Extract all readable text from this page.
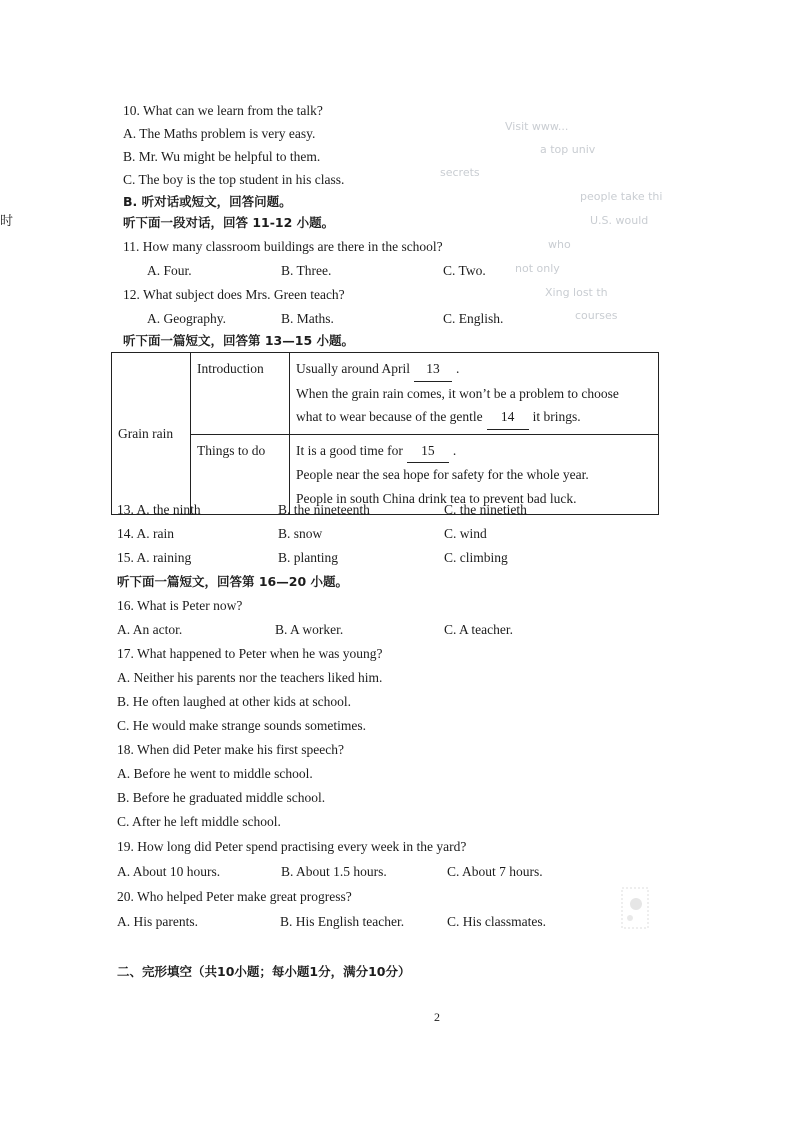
时
Visit www...
a top univ
secrets
people take thi
U.S. would
who
not only
Xing lost th
courses
10. What can we learn from the talk?
A. The Maths problem is very easy.
B. Mr. Wu might be helpful to them.
C. The boy is the top student in his class.
B. 听对话或短文，回答问题。
听下面一段对话，回答 11-12 小题。
11. How many classroom buildings are there in the school?
A. Four.	B. Three.	C. Two.
12. What subject does Mrs. Green teach?
A. Geography.	B. Maths.	C. English.
听下面一篇短文，回答第 13—15 小题。
Grain rain	Introduction	Usually around April 13 .
When the grain rain comes, it won’t be a problem to choose
what to wear because of the gentle 14 it brings.

	Things to do	It is a good time for 15 .
People near the sea hope for safety for the whole year.
People in south China drink tea to prevent bad luck.
13. A. the ninth	B. the nineteenth	C. the ninetieth
14. A. rain	B. snow	C. wind
15. A. raining	B. planting	C. climbing
听下面一篇短文，回答第 16—20 小题。
16. What is Peter now?
A. An actor.	B. A worker.	C. A teacher.
17. What happened to Peter when he was young?
A. Neither his parents nor the teachers liked him.
B. He often laughed at other kids at school.
C. He would make strange sounds sometimes.
18. When did Peter make his first speech?
A. Before he went to middle school.
B. Before he graduated middle school.
C. After he left middle school.
19. How long did Peter spend practising every week in the yard?
A. About 10 hours.	B. About 1.5 hours.	C. About 7 hours.
20. Who helped Peter make great progress?
A. His parents.	B. His English teacher.	C. His classmates.
二、完形填空（共10小题；每小题1分，满分10分）
2
